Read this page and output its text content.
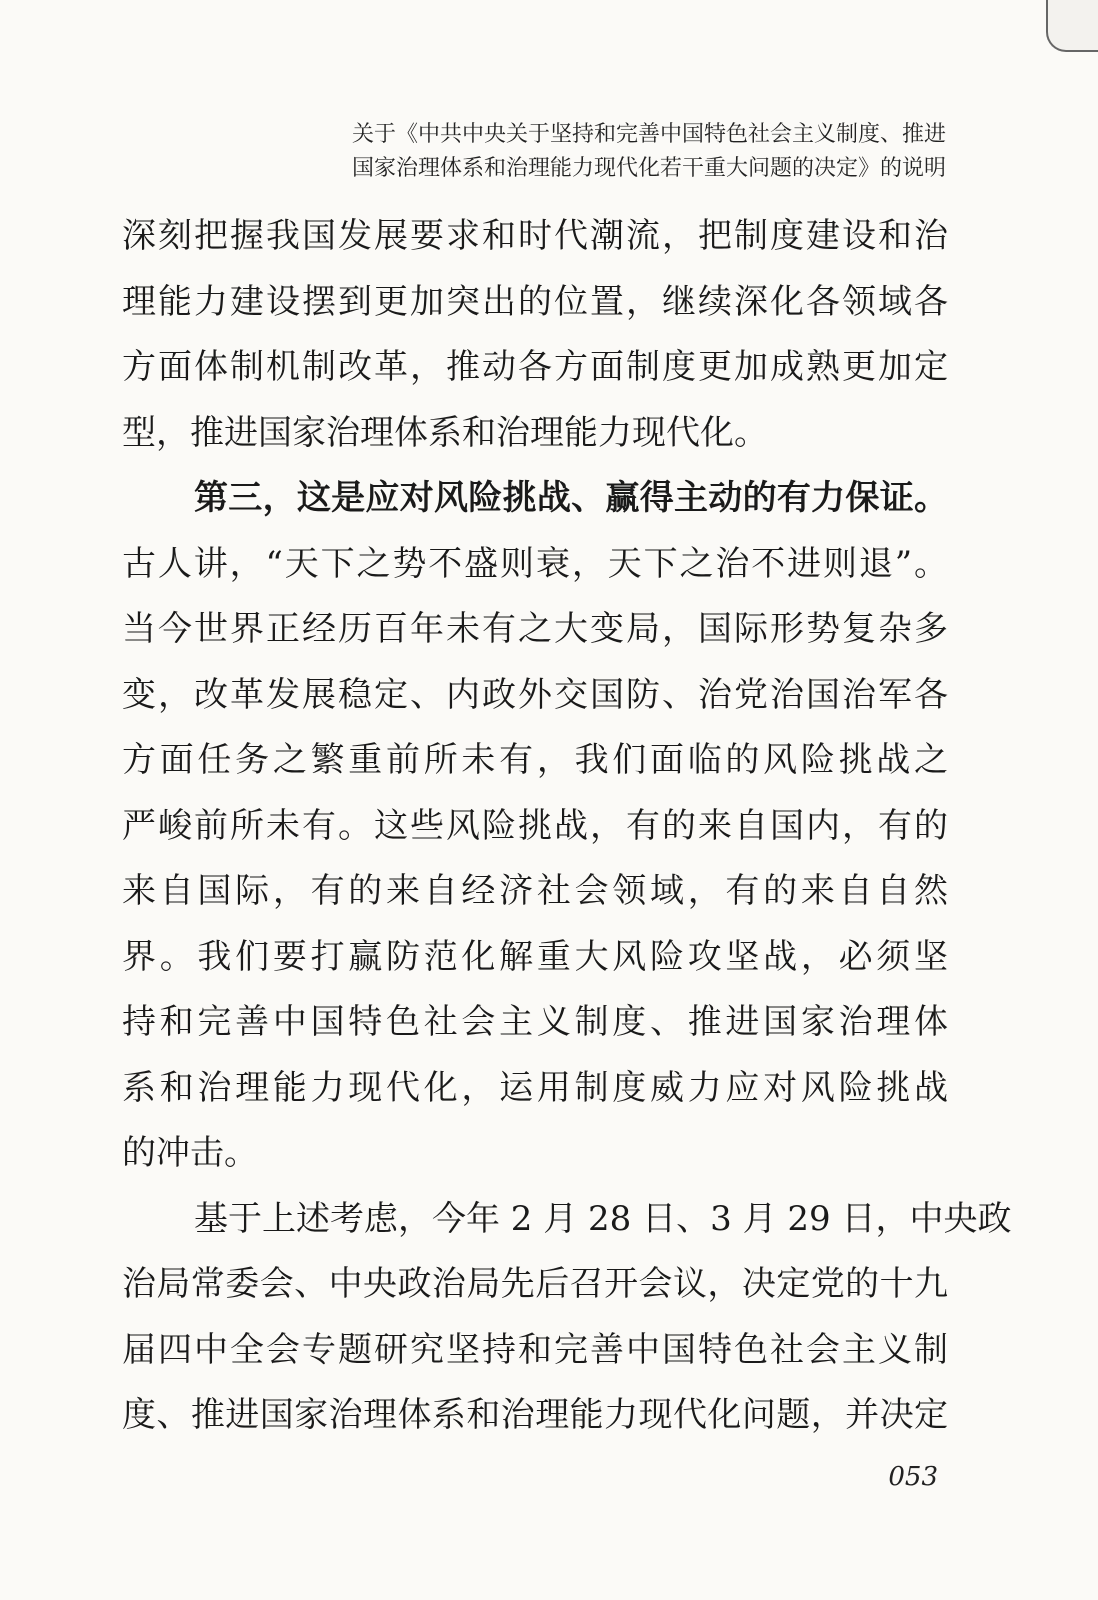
关于《中共中央关于坚持和完善中国特色社会主义制度、推进
国家治理体系和治理能力现代化若干重大问题的决定》的说明
深刻把握我国发展要求和时代潮流，把制度建设和治
理能力建设摆到更加突出的位置，继续深化各领域各
方面体制机制改革，推动各方面制度更加成熟更加定
型，推进国家治理体系和治理能力现代化。
第三，这是应对风险挑战、赢得主动的有力保证。
古人讲，“天下之势不盛则衰，天下之治不进则退”。
当今世界正经历百年未有之大变局，国际形势复杂多
变，改革发展稳定、内政外交国防、治党治国治军各
方面任务之繁重前所未有，我们面临的风险挑战之
严峻前所未有。这些风险挑战，有的来自国内，有的
来自国际，有的来自经济社会领域，有的来自自然
界。我们要打赢防范化解重大风险攻坚战，必须坚
持和完善中国特色社会主义制度、推进国家治理体
系和治理能力现代化，运用制度威力应对风险挑战
的冲击。
基于上述考虑，今年 2 月 28 日、3 月 29 日，中央政
治局常委会、中央政治局先后召开会议，决定党的十九
届四中全会专题研究坚持和完善中国特色社会主义制
度、推进国家治理体系和治理能力现代化问题，并决定
053
